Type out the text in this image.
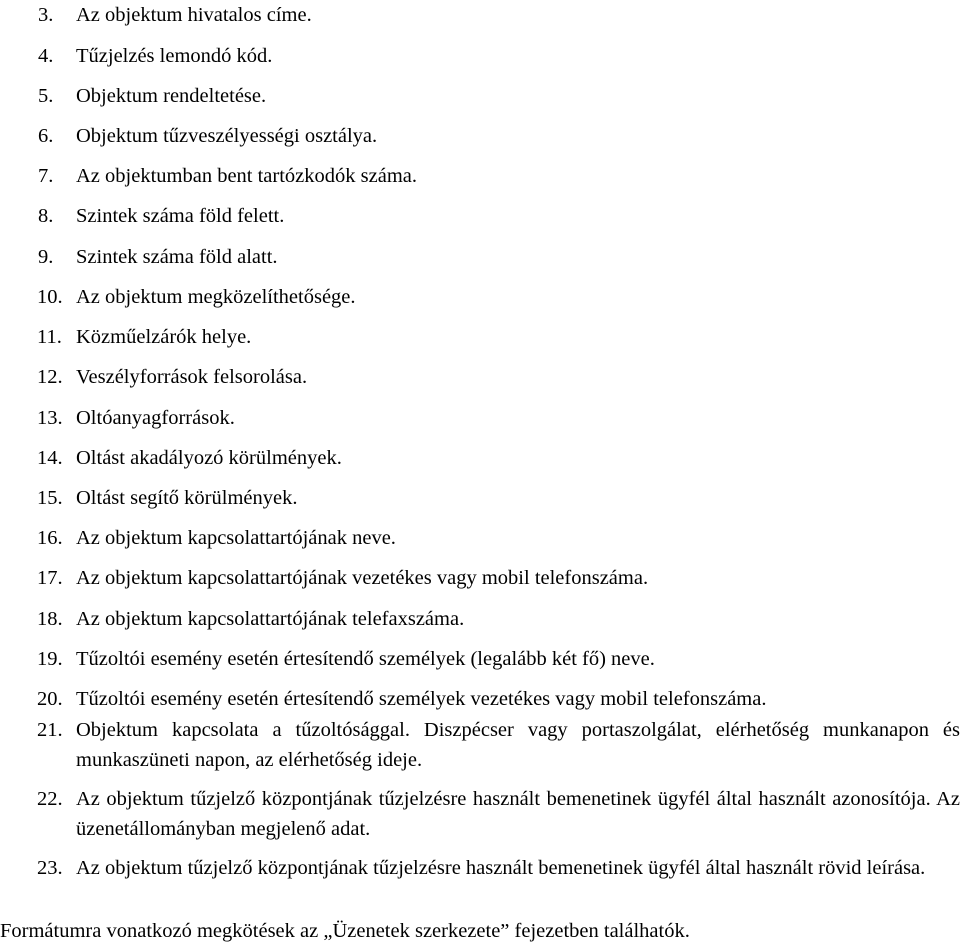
3. Az objektum hivatalos címe.
4. Tűzjelzés lemondó kód.
5. Objektum rendeltetése.
6. Objektum tűzveszélyességi osztálya.
7. Az objektumban bent tartózkodók száma.
8. Szintek száma föld felett.
9. Szintek száma föld alatt.
10. Az objektum megközelíthetősége.
11. Közműelzárók helye.
12. Veszélyforrások felsorolása.
13. Oltóanyagforrások.
14. Oltást akadályozó körülmények.
15. Oltást segítő körülmények.
16. Az objektum kapcsolattartójának neve.
17. Az objektum kapcsolattartójának vezetékes vagy mobil telefonszáma.
18. Az objektum kapcsolattartójának telefaxszáma.
19. Tűzoltói esemény esetén értesítendő személyek (legalább két fő) neve.
20. Tűzoltói esemény esetén értesítendő személyek vezetékes vagy mobil telefonszáma.
21. Objektum kapcsolata a tűzoltósággal. Diszpécser vagy portaszolgálat, elérhetőség munkanapon és munkaszüneti napon, az elérhetőség ideje.
22. Az objektum tűzjelző központjának tűzjelzésre használt bemenetinek ügyfél által használt azonosítója. Az üzenetállományban megjelenő adat.
23. Az objektum tűzjelző központjának tűzjelzésre használt bemenetinek ügyfél által használt rövid leírása.
Formátumra vonatkozó megkötések az „Üzenetek szerkezete” fejezetben találhatók.
